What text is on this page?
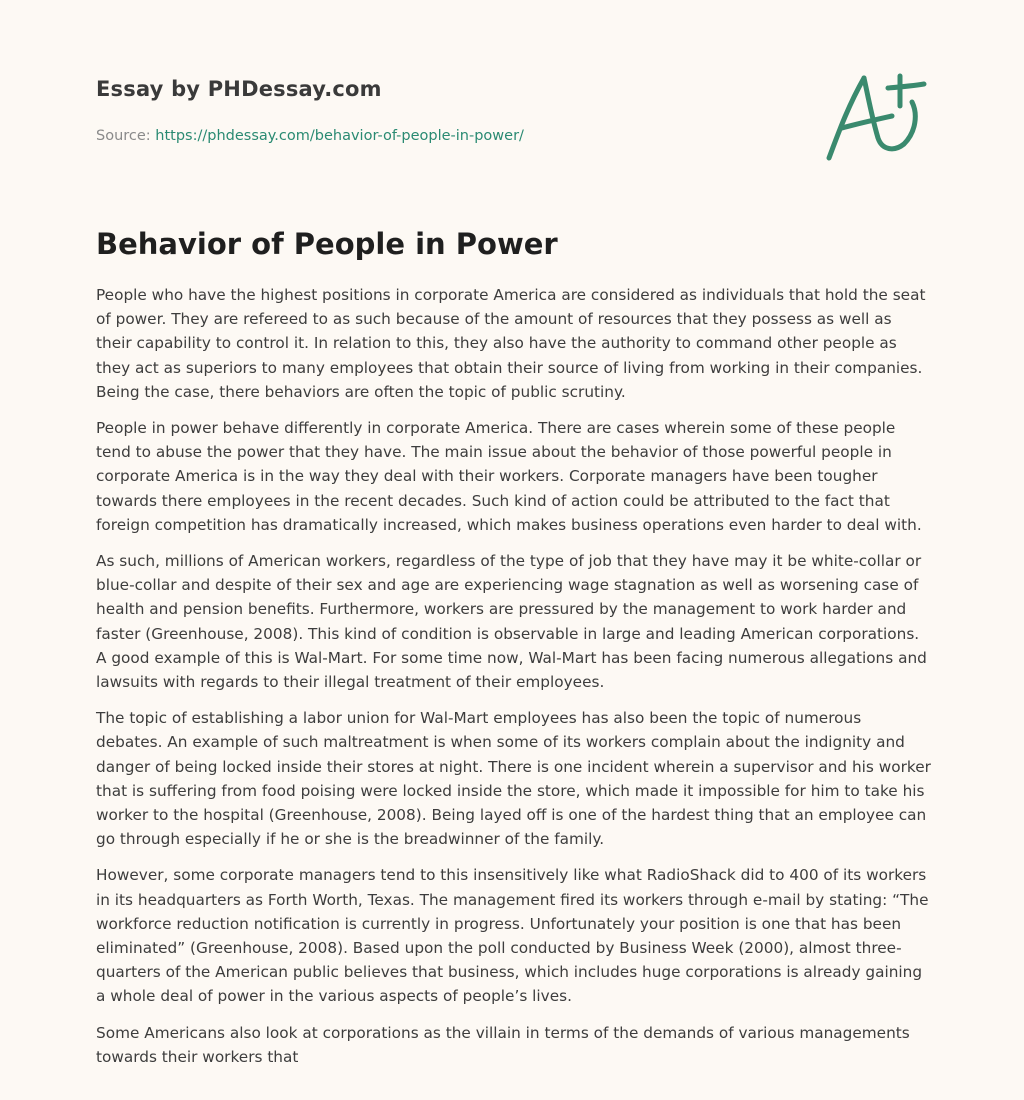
Essay by PHDessay.com
Source: https://phdessay.com/behavior-of-people-in-power/
Behavior of People in Power

People who have the highest positions in corporate America are considered as individuals that hold the seat of power. They are refereed to as such because of the amount of resources that they possess as well as their capability to control it. In relation to this, they also have the authority to command other people as they act as superiors to many employees that obtain their source of living from working in their companies. Being the case, there behaviors are often the topic of public scrutiny.

People in power behave differently in corporate America. There are cases wherein some of these people tend to abuse the power that they have. The main issue about the behavior of those powerful people in corporate America is in the way they deal with their workers. Corporate managers have been tougher towards there employees in the recent decades. Such kind of action could be attributed to the fact that foreign competition has dramatically increased, which makes business operations even harder to deal with.

As such, millions of American workers, regardless of the type of job that they have may it be white-collar or blue-collar and despite of their sex and age are experiencing wage stagnation as well as worsening case of health and pension benefits. Furthermore, workers are pressured by the management to work harder and faster (Greenhouse, 2008). This kind of condition is observable in large and leading American corporations. A good example of this is Wal-Mart. For some time now, Wal-Mart has been facing numerous allegations and lawsuits with regards to their illegal treatment of their employees.

The topic of establishing a labor union for Wal-Mart employees has also been the topic of numerous debates. An example of such maltreatment is when some of its workers complain about the indignity and danger of being locked inside their stores at night. There is one incident wherein a supervisor and his worker that is suffering from food poising were locked inside the store, which made it impossible for him to take his worker to the hospital (Greenhouse, 2008). Being layed off is one of the hardest thing that an employee can go through especially if he or she is the breadwinner of the family.

However, some corporate managers tend to this insensitively like what RadioShack did to 400 of its workers in its headquarters as Forth Worth, Texas. The management fired its workers through e-mail by stating: “The workforce reduction notification is currently in progress. Unfortunately your position is one that has been eliminated” (Greenhouse, 2008). Based upon the poll conducted by Business Week (2000), almost three-quarters of the American public believes that business, which includes huge corporations is already gaining a whole deal of power in the various aspects of people’s lives.

Some Americans also look at corporations as the villain in terms of the demands of various managements towards their workers that
